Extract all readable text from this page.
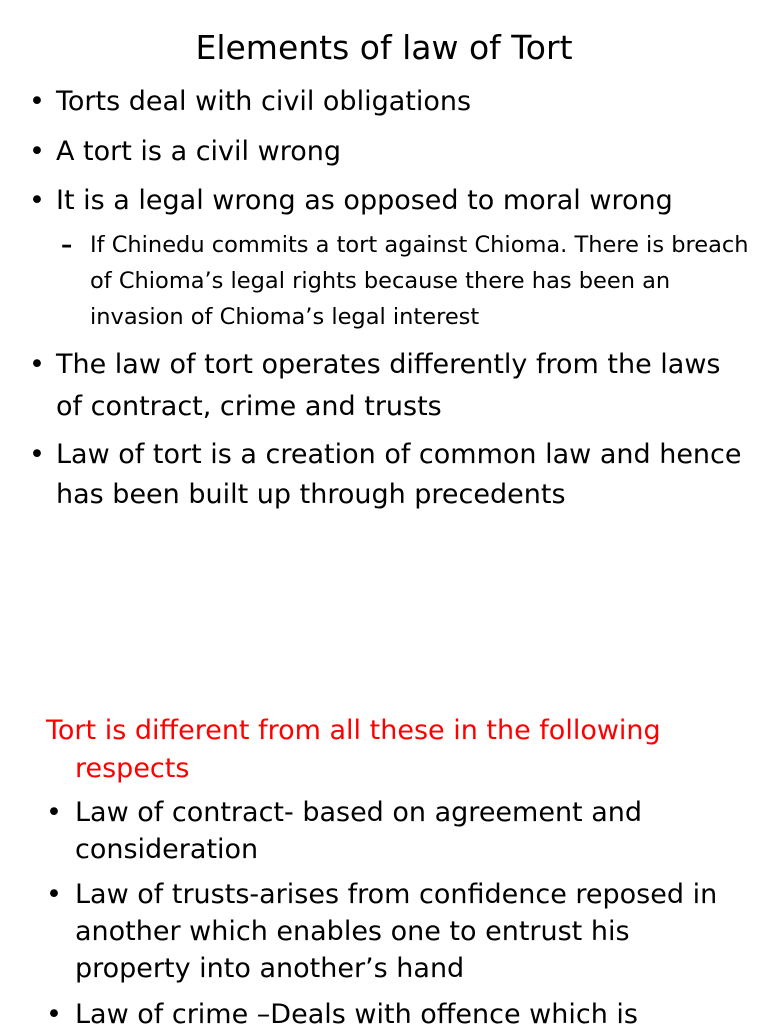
Elements of law of Tort
• Torts deal with civil obligations
• A tort is a civil wrong
• It is a legal wrong as opposed to moral wrong
– If Chinedu commits a tort against Chioma. There is breach of Chioma’s legal rights because there has been an invasion of Chioma’s legal interest
• The law of tort operates differently from the laws of contract, crime and trusts
• Law of tort is a creation of common law and hence has been built up through precedents
Tort is different from all these in the following respects
• Law of contract- based on agreement and consideration
• Law of trusts-arises from confidence reposed in another which enables one to entrust his property into another’s hand
• Law of crime –Deals with offence which is
